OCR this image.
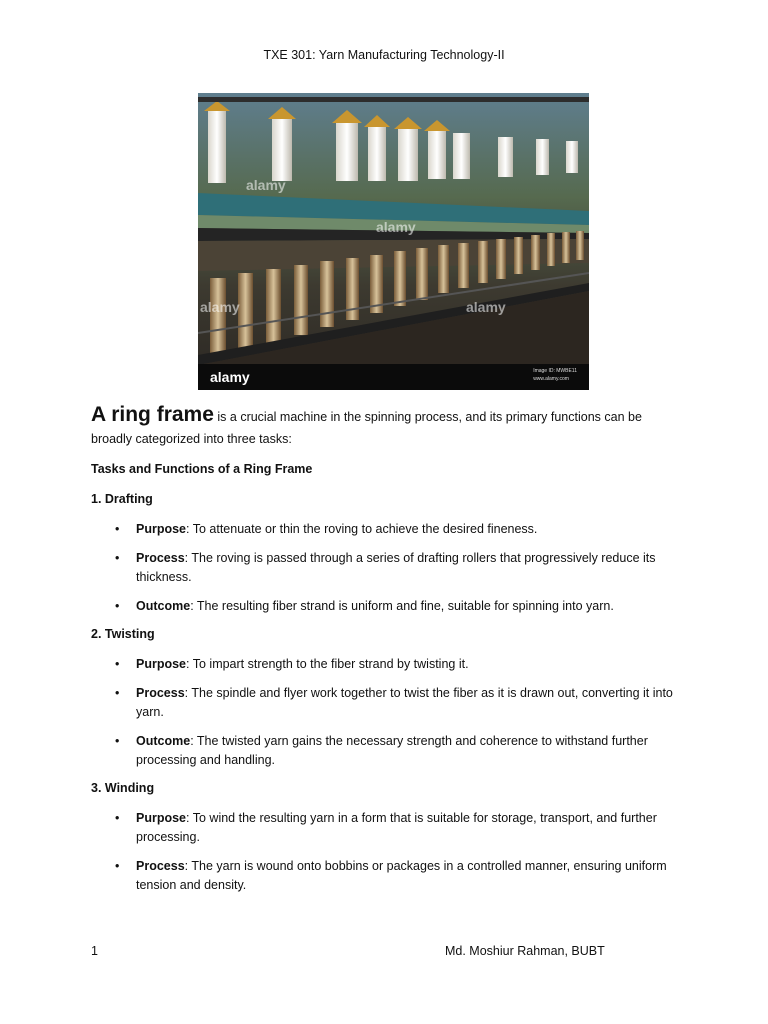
TXE 301: Yarn Manufacturing Technology-II
alamy
alamy
alamy	alamy
alamy	Image ID: MWBE11
www.alamy.com
A ring frame is a crucial machine in the spinning process, and its primary functions can be
broadly categorized into three tasks:
Tasks and Functions of a Ring Frame
1. Drafting
• Purpose: To attenuate or thin the roving to achieve the desired fineness.
• Process: The roving is passed through a series of drafting rollers that progressively reduce its thickness.
• Outcome: The resulting fiber strand is uniform and fine, suitable for spinning into yarn.
2. Twisting
• Purpose: To impart strength to the fiber strand by twisting it.
• Process: The spindle and flyer work together to twist the fiber as it is drawn out, converting it into yarn.
• Outcome: The twisted yarn gains the necessary strength and coherence to withstand further processing and handling.
3. Winding
• Purpose: To wind the resulting yarn in a form that is suitable for storage, transport, and further processing.
• Process: The yarn is wound onto bobbins or packages in a controlled manner, ensuring uniform tension and density.
1	Md. Moshiur Rahman, BUBT
